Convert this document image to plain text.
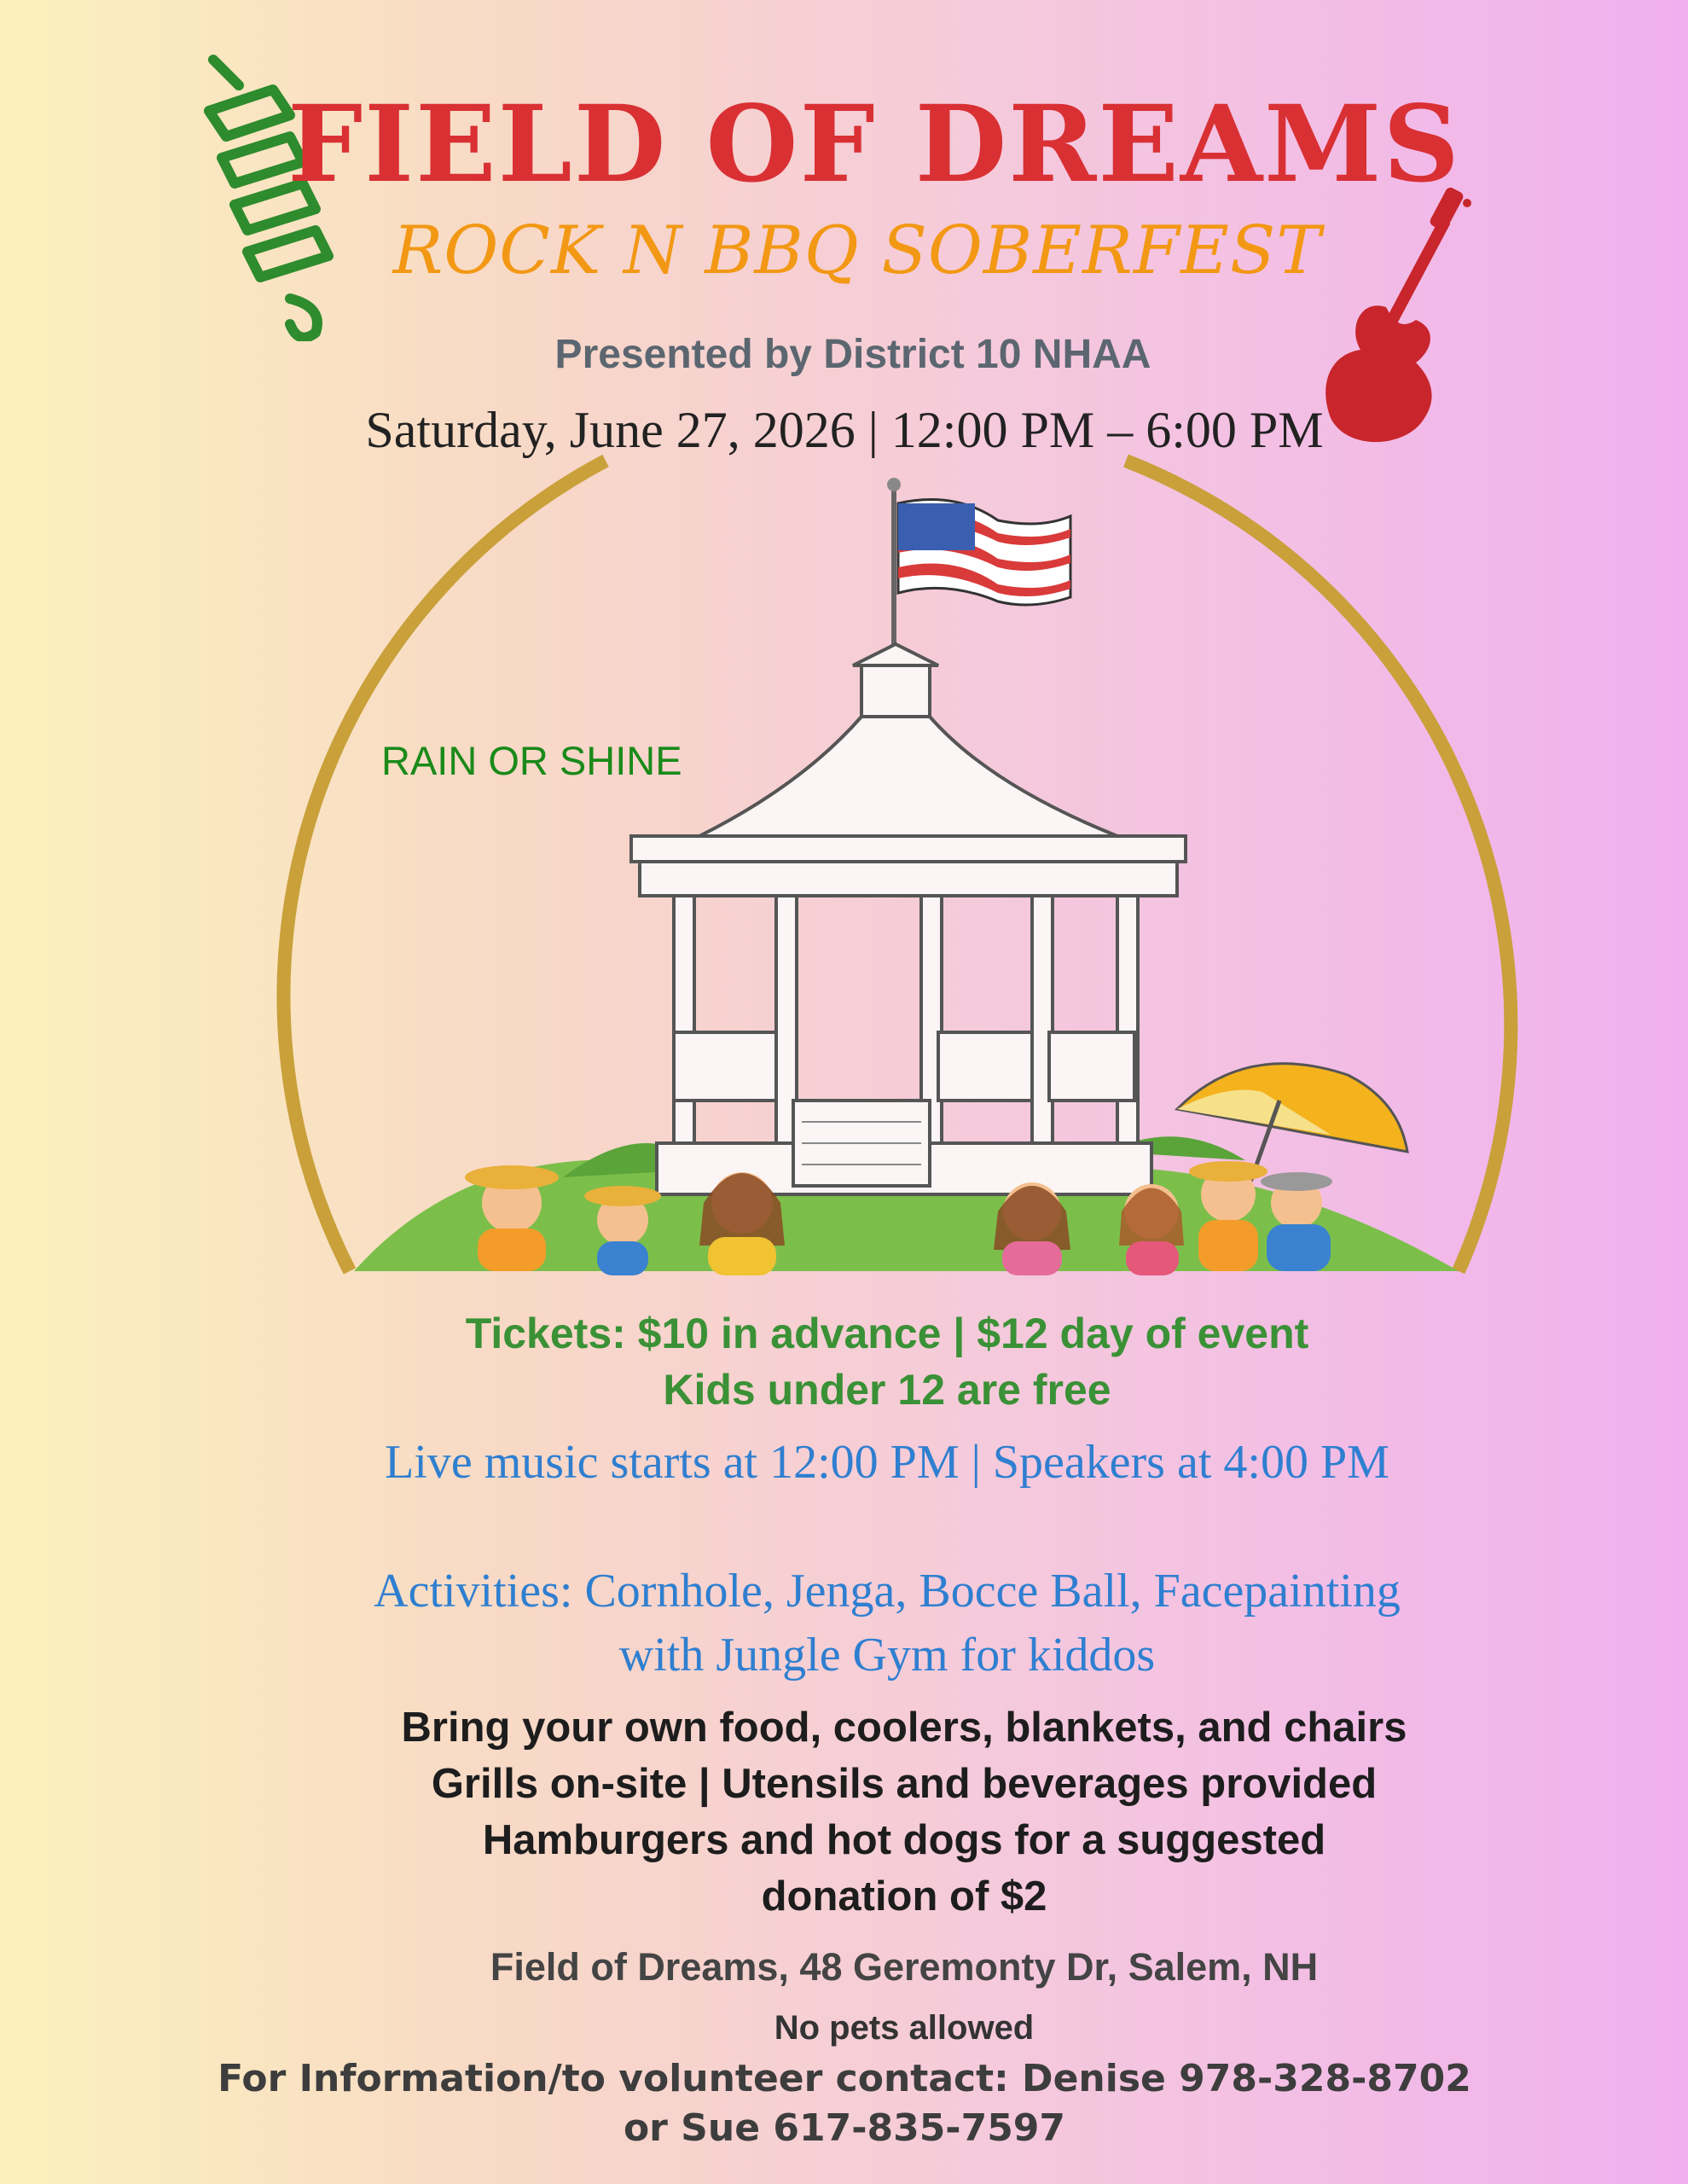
FIELD OF DREAMS
ROCK N BBQ SOBERFEST
Presented by District 10 NHAA
Saturday, June 27, 2026 | 12:00 PM – 6:00 PM
RAIN OR SHINE
Tickets: $10 in advance | $12 day of event
Kids under 12 are free
Live music starts at 12:00 PM | Speakers at 4:00 PM
Activities: Cornhole, Jenga, Bocce Ball, Facepainting
with Jungle Gym for kiddos
Bring your own food, coolers, blankets, and chairs
Grills on-site | Utensils and beverages provided
Hamburgers and hot dogs for a suggested
donation of $2
Field of Dreams, 48 Geremonty Dr, Salem, NH
No pets allowed
For Information/to volunteer contact: Denise 978-328-8702
or Sue 617-835-7597
